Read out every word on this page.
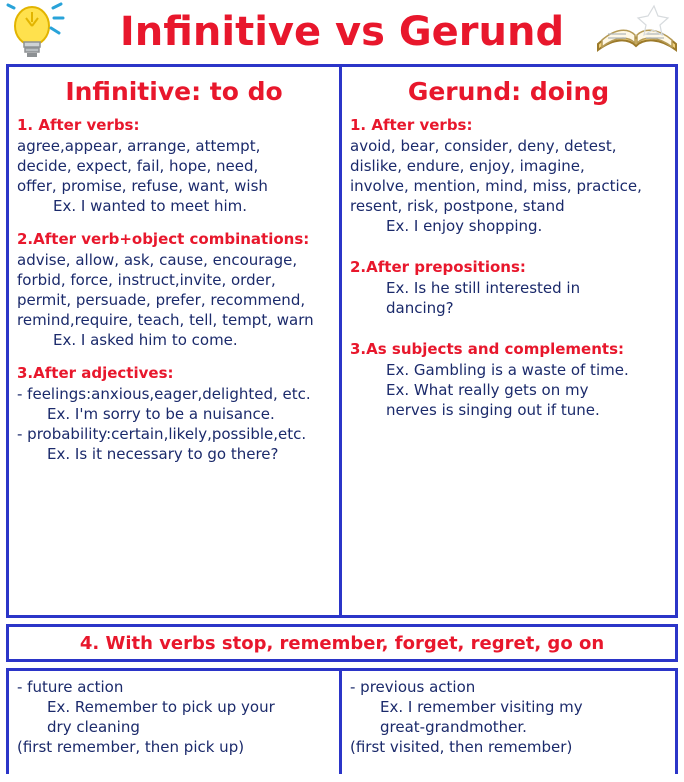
Infinitive vs Gerund
Infinitive: to do
1. After verbs:
agree,appear, arrange, attempt,
decide, expect, fail, hope, need,
offer, promise, refuse, want, wish
Ex. I wanted to meet him.
2.After verb+object combinations:
advise, allow, ask, cause, encourage,
forbid, force, instruct,invite, order,
permit, persuade, prefer, recommend,
remind,require, teach, tell, tempt, warn
Ex. I asked him to come.
3.After adjectives:
- feelings:anxious,eager,delighted, etc.
Ex. I'm sorry to be a nuisance.
- probability:certain,likely,possible,etc.
Ex. Is it necessary to go there?
Gerund: doing
1. After verbs:
avoid, bear, consider, deny, detest,
dislike, endure, enjoy, imagine,
involve, mention, mind, miss, practice,
resent, risk, postpone, stand
Ex. I enjoy shopping.
2.After prepositions:
Ex. Is he still interested in
dancing?
3.As subjects and complements:
Ex. Gambling is a waste of time.
Ex. What really gets on my
nerves is singing out if tune.
4. With verbs stop, remember, forget, regret, go on
- future action
Ex. Remember to pick up your
dry cleaning
(first remember, then pick up)
- previous action
Ex. I remember visiting my
great-grandmother.
(first visited, then remember)
